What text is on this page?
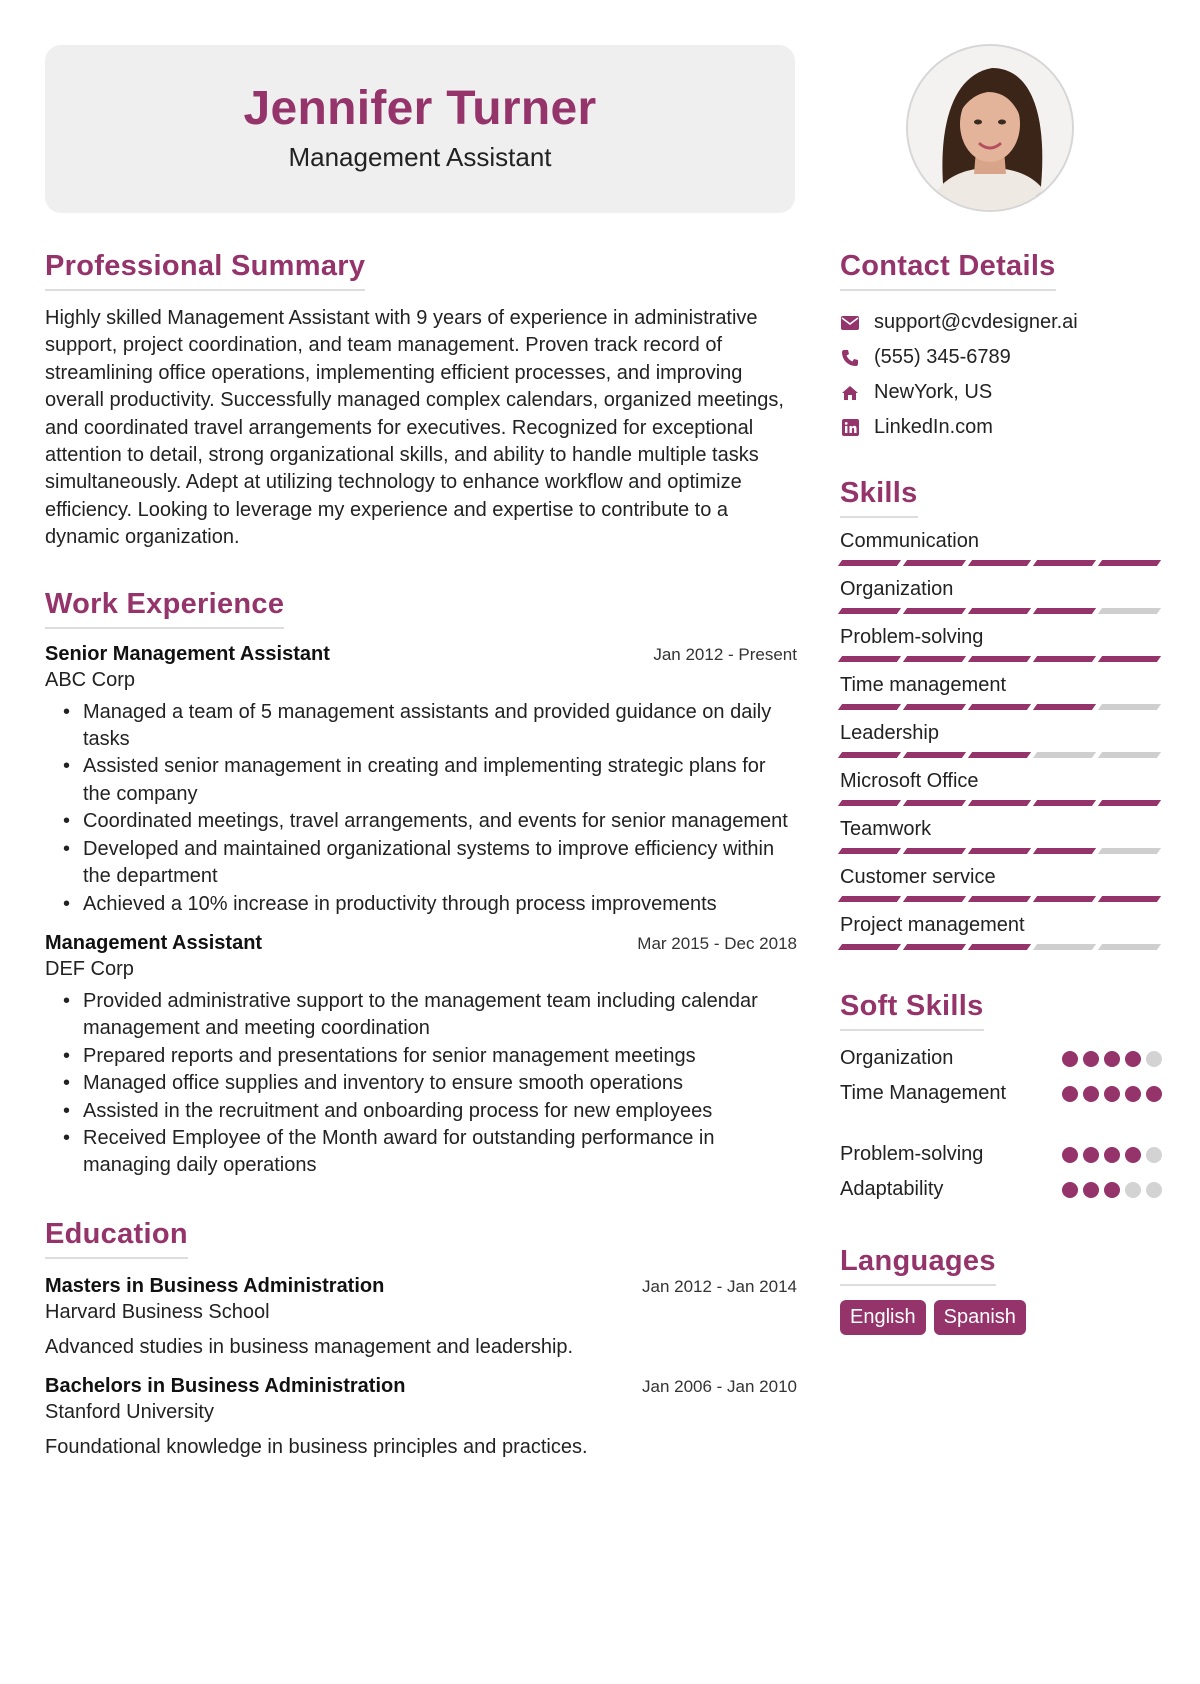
Jennifer Turner
Management Assistant
Professional Summary

Highly skilled Management Assistant with 9 years of experience in administrative support, project coordination, and team management. Proven track record of streamlining office operations, implementing efficient processes, and improving overall productivity. Successfully managed complex calendars, organized meetings, and coordinated travel arrangements for executives. Recognized for exceptional attention to detail, strong organizational skills, and ability to handle multiple tasks simultaneously. Adept at utilizing technology to enhance workflow and optimize efficiency. Looking to leverage my experience and expertise to contribute to a dynamic organization.

Work Experience
Senior Management Assistant	Jan 2012 - Present
ABC Corp
• Managed a team of 5 management assistants and provided guidance on daily tasks
• Assisted senior management in creating and implementing strategic plans for the company
• Coordinated meetings, travel arrangements, and events for senior management
• Developed and maintained organizational systems to improve efficiency within the department
• Achieved a 10% increase in productivity through process improvements
Management Assistant	Mar 2015 - Dec 2018
DEF Corp
• Provided administrative support to the management team including calendar management and meeting coordination
• Prepared reports and presentations for senior management meetings
• Managed office supplies and inventory to ensure smooth operations
• Assisted in the recruitment and onboarding process for new employees
• Received Employee of the Month award for outstanding performance in managing daily operations
Education
Masters in Business Administration	Jan 2012 - Jan 2014
Harvard Business School
Advanced studies in business management and leadership.
Bachelors in Business Administration	Jan 2006 - Jan 2010
Stanford University
Foundational knowledge in business principles and practices.
Contact Details
support@cvdesigner.ai
(555) 345-6789
NewYork, US
LinkedIn.com
Skills
Communication
Organization
Problem-solving
Time management
Leadership
Microsoft Office
Teamwork
Customer service
Project management
Soft Skills
Organization
Time Management
Problem-solving
Adaptability
Languages
English	Spanish
